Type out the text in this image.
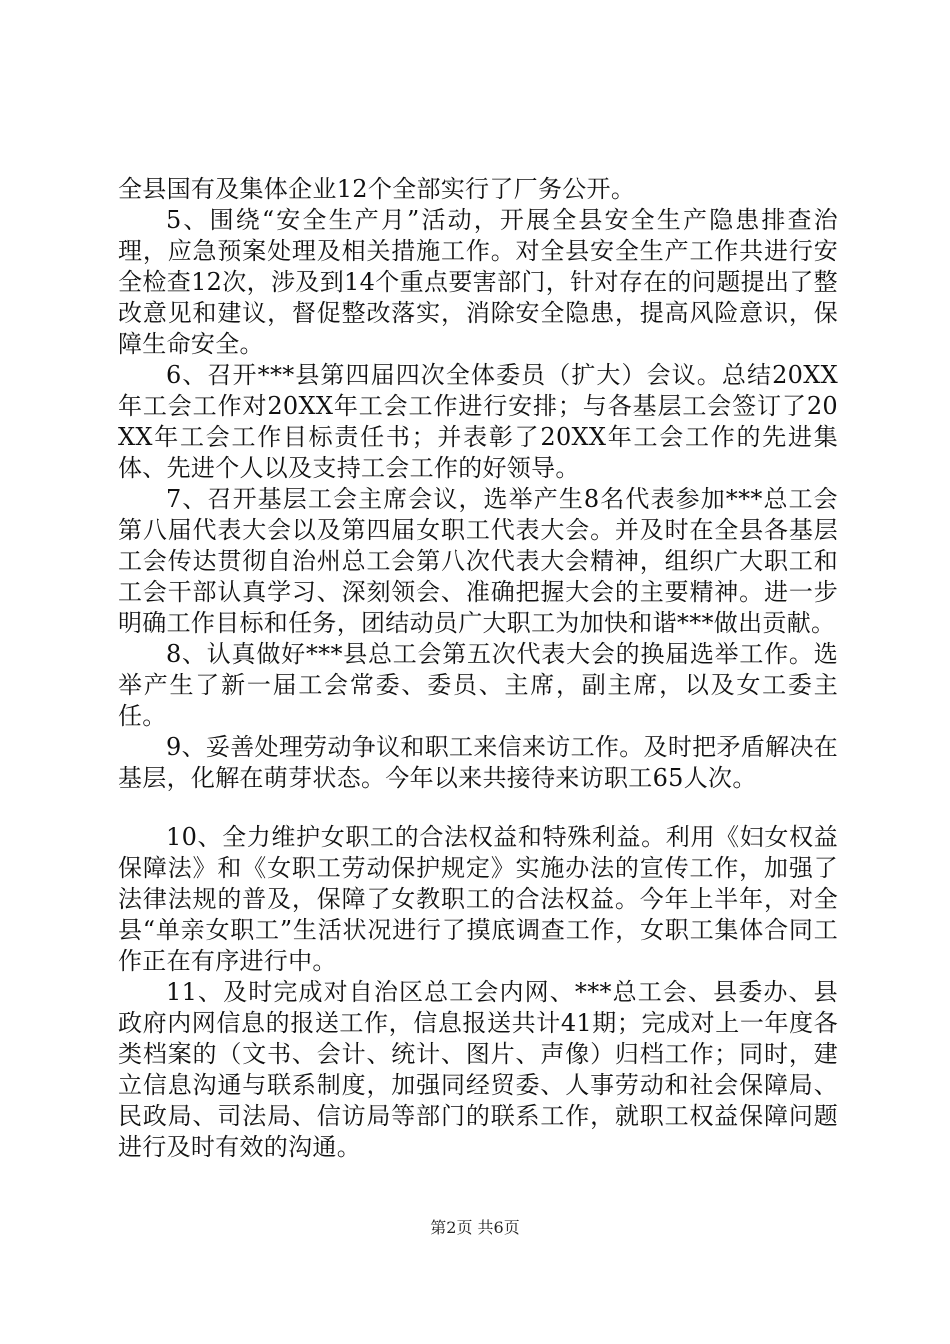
全县国有及集体企业12个全部实行了厂务公开。

5、围绕“安全生产月”活动，开展全县安全生产隐患排查治理，应急预案处理及相关措施工作。对全县安全生产工作共进行安全检查12次，涉及到14个重点要害部门，针对存在的问题提出了整改意见和建议，督促整改落实，消除安全隐患，提高风险意识，保障生命安全。

6、召开***县第四届四次全体委员（扩大）会议。总结20XX年工会工作对20XX年工会工作进行安排；与各基层工会签订了20XX年工会工作目标责任书；并表彰了20XX年工会工作的先进集体、先进个人以及支持工会工作的好领导。

7、召开基层工会主席会议，选举产生8名代表参加***总工会第八届代表大会以及第四届女职工代表大会。并及时在全县各基层工会传达贯彻自治州总工会第八次代表大会精神，组织广大职工和工会干部认真学习、深刻领会、准确把握大会的主要精神。进一步明确工作目标和任务，团结动员广大职工为加快和谐***做出贡献。

8、认真做好***县总工会第五次代表大会的换届选举工作。选举产生了新一届工会常委、委员、主席，副主席，以及女工委主任。

9、妥善处理劳动争议和职工来信来访工作。及时把矛盾解决在基层，化解在萌芽状态。今年以来共接待来访职工65人次。

10、全力维护女职工的合法权益和特殊利益。利用《妇女权益保障法》和《女职工劳动保护规定》实施办法的宣传工作，加强了法律法规的普及，保障了女教职工的合法权益。今年上半年，对全县“单亲女职工”生活状况进行了摸底调查工作，女职工集体合同工作正在有序进行中。

11、及时完成对自治区总工会内网、***总工会、县委办、县政府内网信息的报送工作，信息报送共计41期；完成对上一年度各类档案的（文书、会计、统计、图片、声像）归档工作；同时，建立信息沟通与联系制度，加强同经贸委、人事劳动和社会保障局、民政局、司法局、信访局等部门的联系工作，就职工权益保障问题进行及时有效的沟通。

第2页 共6页
